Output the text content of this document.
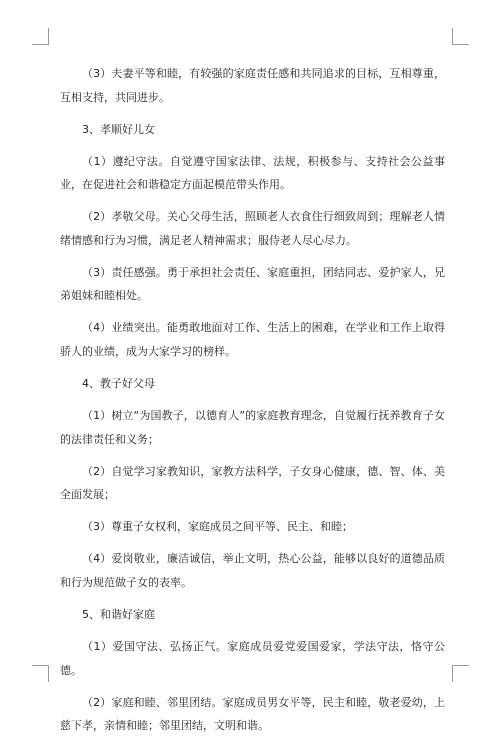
（3）夫妻平等和睦，有较强的家庭责任感和共同追求的目标，互相尊重，互相支持，共同进步。

3、孝顺好儿女

（1）遵纪守法。自觉遵守国家法律、法规，积极参与、支持社会公益事业，在促进社会和谐稳定方面起模范带头作用。

（2）孝敬父母。关心父母生活，照顾老人衣食住行细致周到；理解老人情绪情感和行为习惯，满足老人精神需求；服侍老人尽心尽力。

（3）责任感强。勇于承担社会责任、家庭重担，团结同志、爱护家人，兄弟姐妹和睦相处。

（4）业绩突出。能勇敢地面对工作、生活上的困难，在学业和工作上取得骄人的业绩，成为大家学习的榜样。

4、教子好父母

（1）树立“为国教子，以德育人”的家庭教育理念，自觉履行抚养教育子女的法律责任和义务；

（2）自觉学习家教知识，家教方法科学，子女身心健康，德、智、体、美全面发展；

（3）尊重子女权利，家庭成员之间平等、民主、和睦；

（4）爱岗敬业，廉洁诚信，举止文明，热心公益，能够以良好的道德品质和行为规范做子女的表率。

5、和谐好家庭

（1）爱国守法、弘扬正气。家庭成员爱党爱国爱家，学法守法，恪守公德。

（2）家庭和睦、邻里团结。家庭成员男女平等，民主和睦，敬老爱幼，上慈下孝，亲情和睦；邻里团结，文明和谐。
